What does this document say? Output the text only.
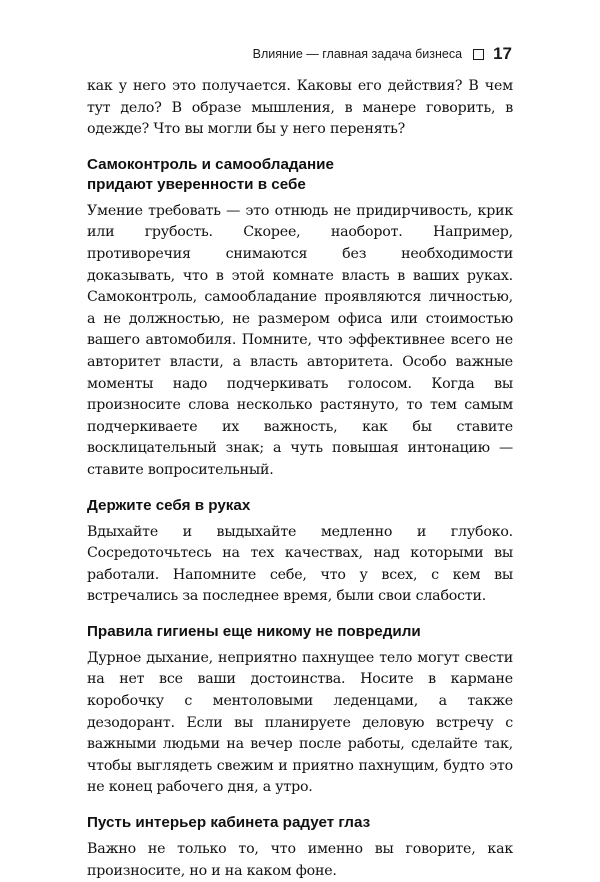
Влияние — главная задача бизнеса 17

как у него это получается. Каковы его действия? В чем тут дело? В образе мышления, в манере говорить, в одежде? Что вы могли бы у него перенять?

Самоконтроль и самообладание
придают уверенности в себе

Умение требовать — это отнюдь не придирчивость, крик или грубость. Скорее, наоборот. Например, противоречия снимаются без необходимости доказывать, что в этой комнате власть в ваших руках. Самоконтроль, самообладание проявляются личностью, а не должностью, не размером офиса или стоимостью вашего автомобиля. Помните, что эффективнее всего не авторитет власти, а власть авторитета. Особо важные моменты надо подчеркивать голосом. Когда вы произносите слова несколько растянуто, то тем самым подчеркиваете их важность, как бы ставите восклицательный знак; а чуть повышая интонацию — ставите вопросительный.

Держите себя в руках

Вдыхайте и выдыхайте медленно и глубоко. Сосредоточьтесь на тех качествах, над которыми вы работали. Напомните себе, что у всех, с кем вы встречались за последнее время, были свои слабости.

Правила гигиены еще никому не повредили

Дурное дыхание, неприятно пахнущее тело могут свести на нет все ваши достоинства. Носите в кармане коробочку с ментоловыми леденцами, а также дезодорант. Если вы планируете деловую встречу с важными людьми на вечер после работы, сделайте так, чтобы выглядеть свежим и приятно пахнущим, будто это не конец рабочего дня, а утро.

Пусть интерьер кабинета радует глаз

Важно не только то, что именно вы говорите, как произносите, но и на каком фоне.
